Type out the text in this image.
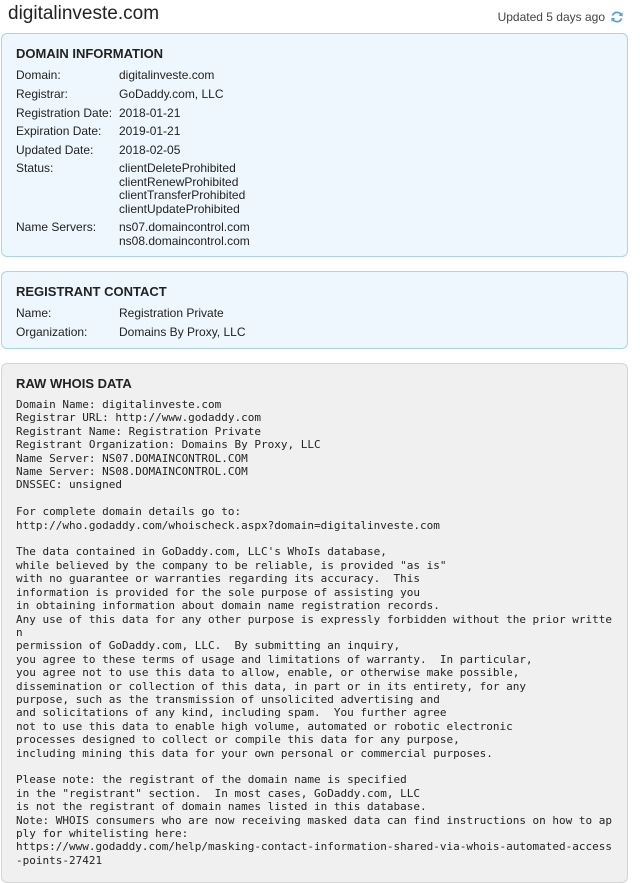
digitalinveste.com	Updated 5 days ago
DOMAIN INFORMATION
Domain:	digitalinveste.com
Registrar:	GoDaddy.com, LLC
Registration Date: 2018-01-21
Expiration Date: 2019-01-21
Updated Date: 2018-02-05
Status:	clientDeleteProhibited
clientRenewProhibited
clientTransferProhibited
clientUpdateProhibited
Name Servers: ns07.domaincontrol.com
ns08.domaincontrol.com
REGISTRANT CONTACT
Name:	Registration Private
Organization:	Domains By Proxy, LLC
RAW WHOIS DATA
Domain Name: digitalinveste.com
Registrar URL: http://www.godaddy.com
Registrant Name: Registration Private
Registrant Organization: Domains By Proxy, LLC
Name Server: NS07.DOMAINCONTROL.COM
Name Server: NS08.DOMAINCONTROL.COM
DNSSEC: unsigned

For complete domain details go to:
http://who.godaddy.com/whoischeck.aspx?domain=digitalinveste.com

The data contained in GoDaddy.com, LLC's WhoIs database,
while believed by the company to be reliable, is provided "as is"
with no guarantee or warranties regarding its accuracy.  This
information is provided for the sole purpose of assisting you
in obtaining information about domain name registration records.
Any use of this data for any other purpose is expressly forbidden without the prior written
permission of GoDaddy.com, LLC.  By submitting an inquiry,
you agree to these terms of usage and limitations of warranty.  In particular,
you agree not to use this data to allow, enable, or otherwise make possible,
dissemination or collection of this data, in part or in its entirety, for any
purpose, such as the transmission of unsolicited advertising and
and solicitations of any kind, including spam.  You further agree
not to use this data to enable high volume, automated or robotic electronic
processes designed to collect or compile this data for any purpose,
including mining this data for your own personal or commercial purposes.

Please note: the registrant of the domain name is specified
in the "registrant" section.  In most cases, GoDaddy.com, LLC
is not the registrant of domain names listed in this database.
Note: WHOIS consumers who are now receiving masked data can find instructions on how to apply for whitelisting here:
https://www.godaddy.com/help/masking-contact-information-shared-via-whois-automated-access-points-27421
